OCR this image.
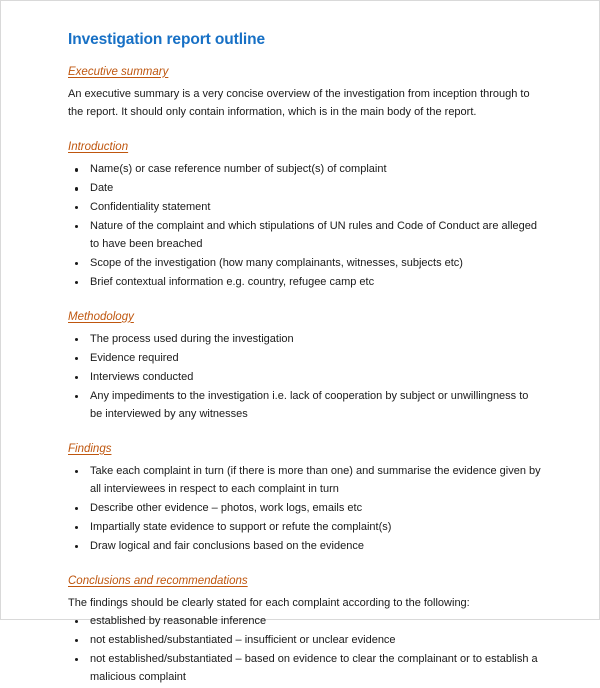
Investigation report outline
Executive summary

An executive summary is a very concise overview of the investigation from inception through to the report. It should only contain information, which is in the main body of the report.

Introduction
Name(s) or case reference number of subject(s) of complaint
Date
Confidentiality statement
Nature of the complaint and which stipulations of UN rules and Code of Conduct are alleged to have been breached
Scope of the investigation (how many complainants, witnesses, subjects etc)
Brief contextual information e.g. country, refugee camp etc
Methodology
The process used during the investigation
Evidence required
Interviews conducted
Any impediments to the investigation i.e. lack of cooperation by subject or unwillingness to be interviewed by any witnesses
Findings
Take each complaint in turn (if there is more than one) and summarise the evidence given by all interviewees in respect to each complaint in turn
Describe other evidence – photos, work logs, emails etc
Impartially state evidence to support or refute the complaint(s)
Draw logical and fair conclusions based on the evidence
Conclusions and recommendations

The findings should be clearly stated for each complaint according to the following:

established by reasonable inference
not established/substantiated – insufficient or unclear evidence
not established/substantiated – based on evidence to clear the complainant or to establish a malicious complaint
